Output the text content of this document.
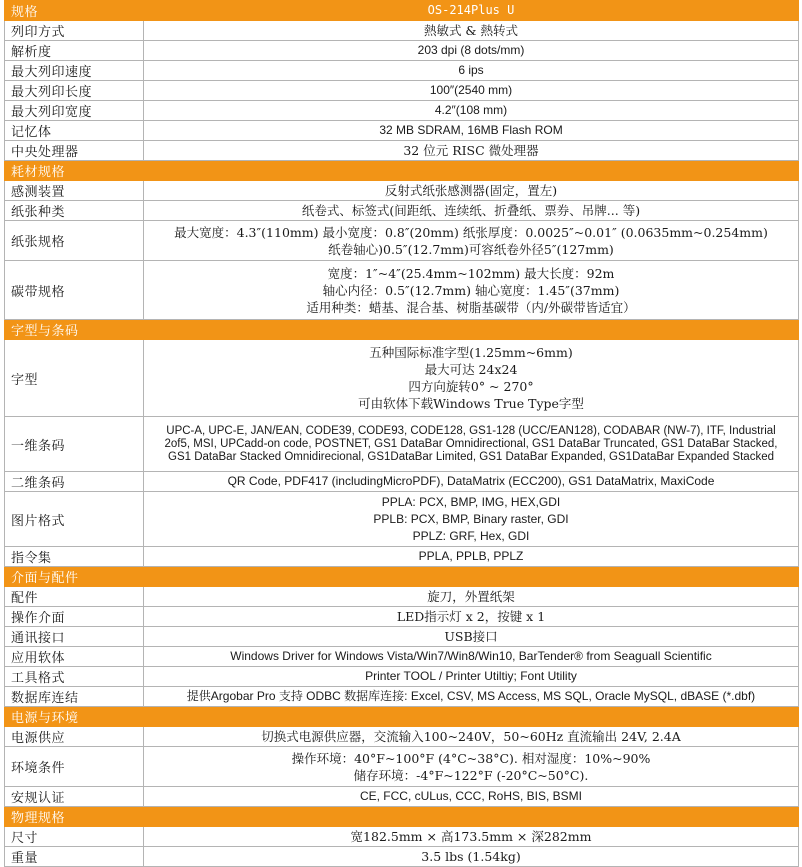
规格	OS-214Plus U
列印方式	熱敏式 & 熱转式
解析度	203 dpi (8 dots/mm)
最大列印速度	6 ips
最大列印长度	100″(2540 mm)
最大列印宽度	4.2″(108 mm)
记忆体	32 MB SDRAM, 16MB Flash ROM
中央处理器	32 位元 RISC 微处理器
耗材规格	
感测装置	反射式纸张感测器(固定，置左)
纸张种类	纸卷式、标签式(间距纸、连续纸、折叠纸、票券、吊牌... 等)
纸张规格	最大宽度：4.3″(110mm) 最小宽度：0.8″(20mm) 纸张厚度：0.0025″~0.01″ (0.0635mm~0.254mm)
纸卷轴心)0.5″(12.7mm)可容纸卷外径5″(127mm)

碳带规格	宽度：1″~4″(25.4mm~102mm) 最大长度：92m
轴心内径：0.5″(12.7mm) 轴心宽度：1.45″(37mm)
适用种类：蜡基、混合基、树脂基碳带（内/外碳带皆适宜）

字型与条码	
字型	五种国际标准字型(1.25mm~6mm)
最大可达 24x24
四方向旋转0° ~ 270°
可由软体下载Windows True Type字型

一维条码	UPC-A, UPC-E, JAN/EAN, CODE39, CODE93, CODE128, GS1-128 (UCC/EAN128), CODABAR (NW-7), ITF, Industrial
2of5, MSI, UPCadd-on code, POSTNET, GS1 DataBar Omnidirectional, GS1 DataBar Truncated, GS1 DataBar Stacked,
GS1 DataBar Stacked Omnidirecional, GS1DataBar Limited, GS1 DataBar Expanded, GS1DataBar Expanded Stacked

二维条码	QR Code, PDF417 (includingMicroPDF), DataMatrix (ECC200), GS1 DataMatrix, MaxiCode
图片格式	PPLA: PCX, BMP, IMG, HEX,GDI
PPLB: PCX, BMP, Binary raster, GDI
PPLZ: GRF, Hex, GDI

指令集	PPLA, PPLB, PPLZ
介面与配件	
配件	旋刀，外置纸架
操作介面	LED指示灯 x 2，按键 x 1
通讯接口	USB接口
应用软体	Windows Driver for Windows Vista/Win7/Win8/Win10, BarTender® from Seaguall Scientific
工具格式	Printer TOOL / Printer Utiltiy; Font Utility
数据库连结	提供Argobar Pro 支持 ODBC 数据库连接: Excel, CSV, MS Access, MS SQL, Oracle MySQL, dBASE (*.dbf)
电源与环境	
电源供应	切换式电源供应器，交流输入100~240V，50~60Hz 直流输出 24V, 2.4A
环境条件	操作环境：40°F~100°F (4°C~38°C). 相对湿度：10%~90%
储存环境：-4°F~122°F (-20°C~50°C).

安规认证	CE, FCC, cULus, CCC, RoHS, BIS, BSMI
物理规格	
尺寸	宽182.5mm × 高173.5mm × 深282mm
重量	3.5 lbs (1.54kg)
